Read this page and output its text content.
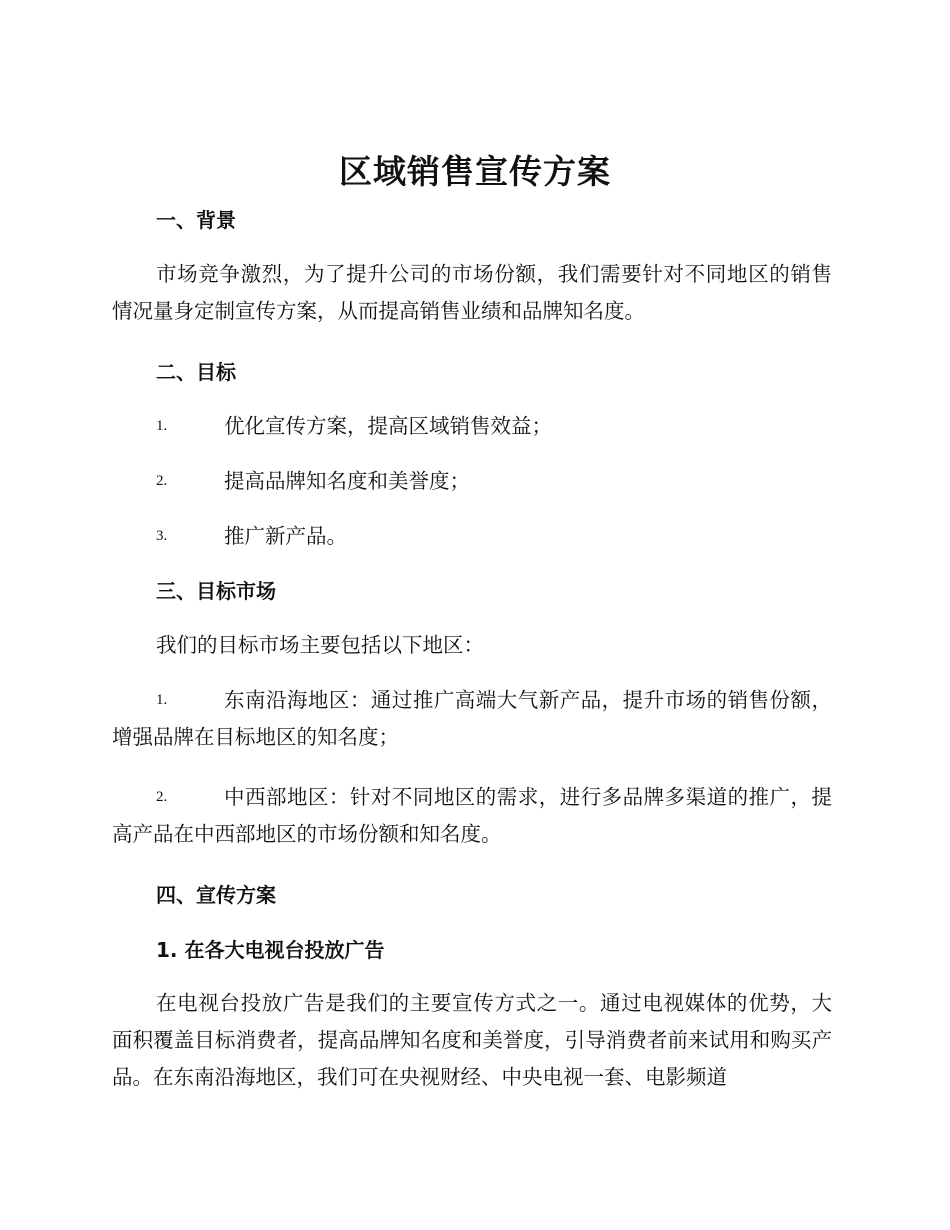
区域销售宣传方案
一、背景
市场竞争激烈，为了提升公司的市场份额，我们需要针对不同地区的销售情况量身定制宣传方案，从而提高销售业绩和品牌知名度。
二、目标
1.	优化宣传方案，提高区域销售效益；
2.	提高品牌知名度和美誉度；
3.	推广新产品。
三、目标市场
我们的目标市场主要包括以下地区：
1.	东南沿海地区：通过推广高端大气新产品，提升市场的销售份额，增强品牌在目标地区的知名度；
2.	中西部地区：针对不同地区的需求，进行多品牌多渠道的推广，提高产品在中西部地区的市场份额和知名度。
四、宣传方案
1. 在各大电视台投放广告
在电视台投放广告是我们的主要宣传方式之一。通过电视媒体的优势，大面积覆盖目标消费者，提高品牌知名度和美誉度，引导消费者前来试用和购买产品。在东南沿海地区，我们可在央视财经、中央电视一套、电影频道
